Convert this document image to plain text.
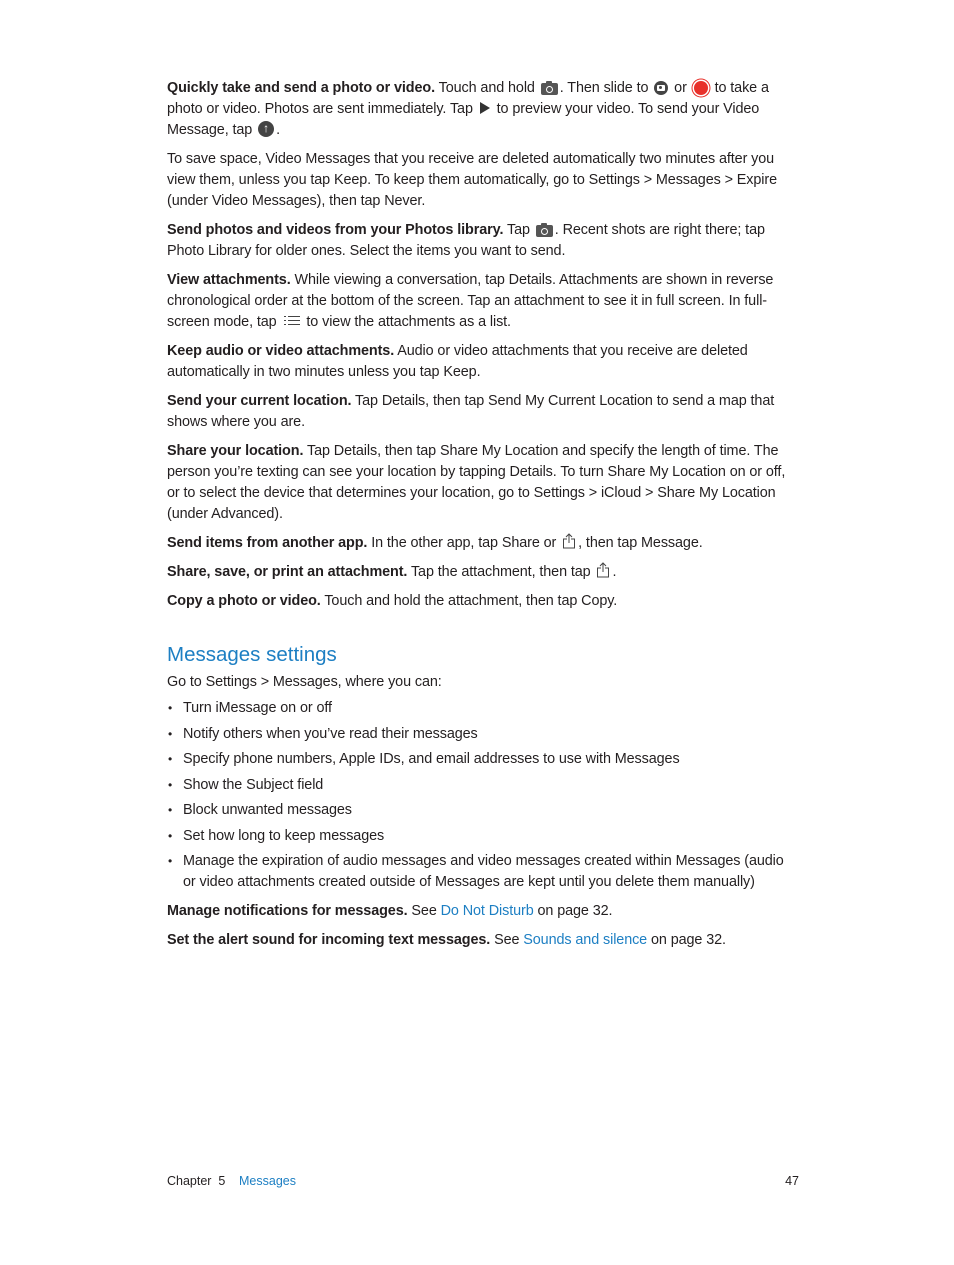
Quickly take and send a photo or video. Touch and hold . Then slide to  or  to take a photo or video. Photos are sent immediately. Tap  to preview your video. To send your Video Message, tap ↑.

To save space, Video Messages that you receive are deleted automatically two minutes after you view them, unless you tap Keep. To keep them automatically, go to Settings > Messages > Expire (under Video Messages), then tap Never.

Send photos and videos from your Photos library. Tap . Recent shots are right there; tap Photo Library for older ones. Select the items you want to send.

View attachments. While viewing a conversation, tap Details. Attachments are shown in reverse chronological order at the bottom of the screen. Tap an attachment to see it in full screen. In full-screen mode, tap
to view the attachments as a list.

Keep audio or video attachments. Audio or video attachments that you receive are deleted automatically in two minutes unless you tap Keep.

Send your current location. Tap Details, then tap Send My Current Location to send a map that shows where you are.

Share your location. Tap Details, then tap Share My Location and specify the length of time. The person you’re texting can see your location by tapping Details. To turn Share My Location on or off, or to select the device that determines your location, go to Settings > iCloud > Share My Location (under Advanced).

Send items from another app. In the other app, tap Share or , then tap Message.

Share, save, or print an attachment. Tap the attachment, then tap .

Copy a photo or video. Touch and hold the attachment, then tap Copy.

Messages settings

Go to Settings > Messages, where you can:

• Turn iMessage on or off
• Notify others when you’ve read their messages
• Specify phone numbers, Apple IDs, and email addresses to use with Messages
• Show the Subject field
• Block unwanted messages
• Set how long to keep messages
• Manage the expiration of audio messages and video messages created within Messages (audio or video attachments created outside of Messages are kept until you delete them manually)

Manage notifications for messages. See Do Not Disturb on page 32.

Set the alert sound for incoming text messages. See Sounds and silence on page 32.

Chapter  5 Messages	47
